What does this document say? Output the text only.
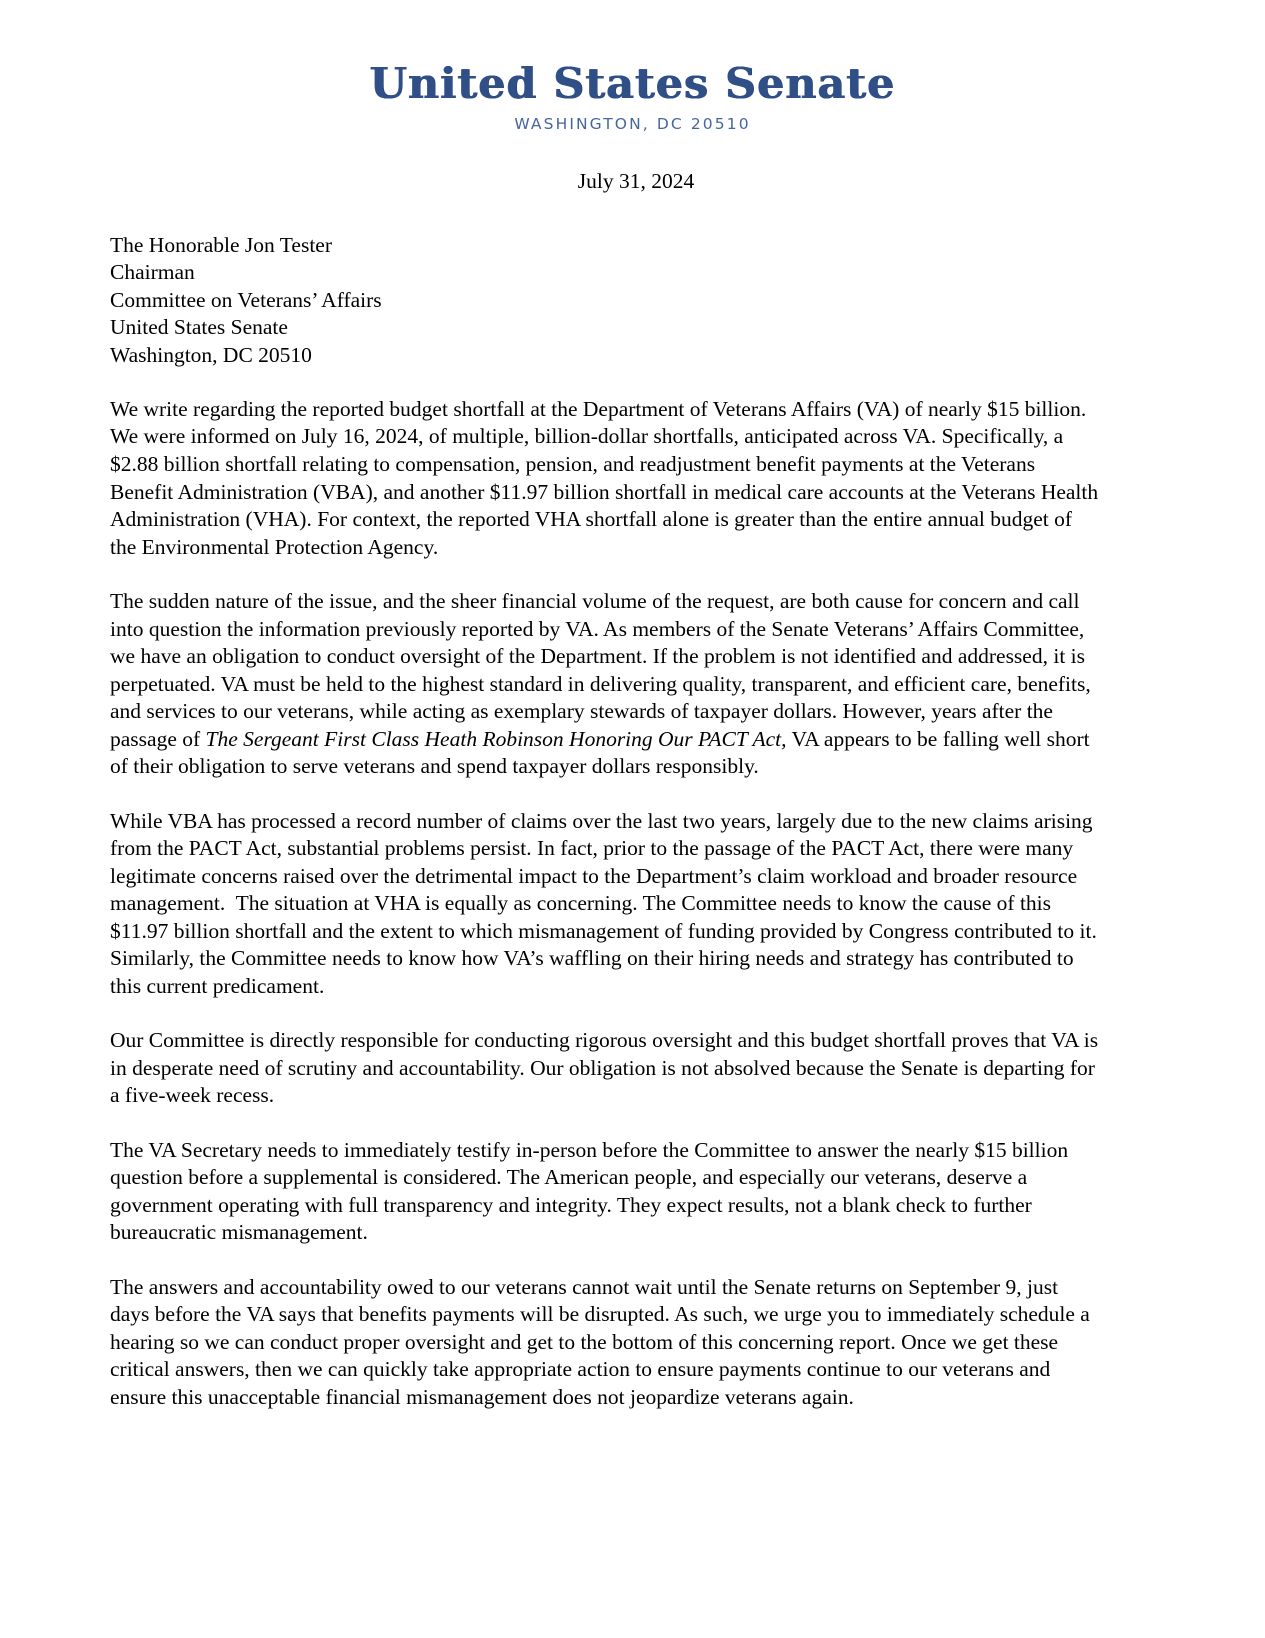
United States Senate
WASHINGTON, DC 20510
July 31, 2024
The Honorable Jon Tester
Chairman
Committee on Veterans’ Affairs
United States Senate
Washington, DC 20510

We write regarding the reported budget shortfall at the Department of Veterans Affairs (VA) of nearly $15 billion. We were informed on July 16, 2024, of multiple, billion-dollar shortfalls, anticipated across VA. Specifically, a $2.88 billion shortfall relating to compensation, pension, and readjustment benefit payments at the Veterans Benefit Administration (VBA), and another $11.97 billion shortfall in medical care accounts at the Veterans Health Administration (VHA). For context, the reported VHA shortfall alone is greater than the entire annual budget of the Environmental Protection Agency.

The sudden nature of the issue, and the sheer financial volume of the request, are both cause for concern and call into question the information previously reported by VA. As members of the Senate Veterans’ Affairs Committee, we have an obligation to conduct oversight of the Department. If the problem is not identified and addressed, it is perpetuated. VA must be held to the highest standard in delivering quality, transparent, and efficient care, benefits, and services to our veterans, while acting as exemplary stewards of taxpayer dollars. However, years after the passage of The Sergeant First Class Heath Robinson Honoring Our PACT Act, VA appears to be falling well short of their obligation to serve veterans and spend taxpayer dollars responsibly.

While VBA has processed a record number of claims over the last two years, largely due to the new claims arising from the PACT Act, substantial problems persist. In fact, prior to the passage of the PACT Act, there were many legitimate concerns raised over the detrimental impact to the Department’s claim workload and broader resource management.  The situation at VHA is equally as concerning. The Committee needs to know the cause of this $11.97 billion shortfall and the extent to which mismanagement of funding provided by Congress contributed to it. Similarly, the Committee needs to know how VA’s waffling on their hiring needs and strategy has contributed to this current predicament.

Our Committee is directly responsible for conducting rigorous oversight and this budget shortfall proves that VA is in desperate need of scrutiny and accountability. Our obligation is not absolved because the Senate is departing for a five-week recess.

The VA Secretary needs to immediately testify in-person before the Committee to answer the nearly $15 billion question before a supplemental is considered. The American people, and especially our veterans, deserve a government operating with full transparency and integrity. They expect results, not a blank check to further bureaucratic mismanagement.

The answers and accountability owed to our veterans cannot wait until the Senate returns on September 9, just days before the VA says that benefits payments will be disrupted. As such, we urge you to immediately schedule a hearing so we can conduct proper oversight and get to the bottom of this concerning report. Once we get these critical answers, then we can quickly take appropriate action to ensure payments continue to our veterans and ensure this unacceptable financial mismanagement does not jeopardize veterans again.
